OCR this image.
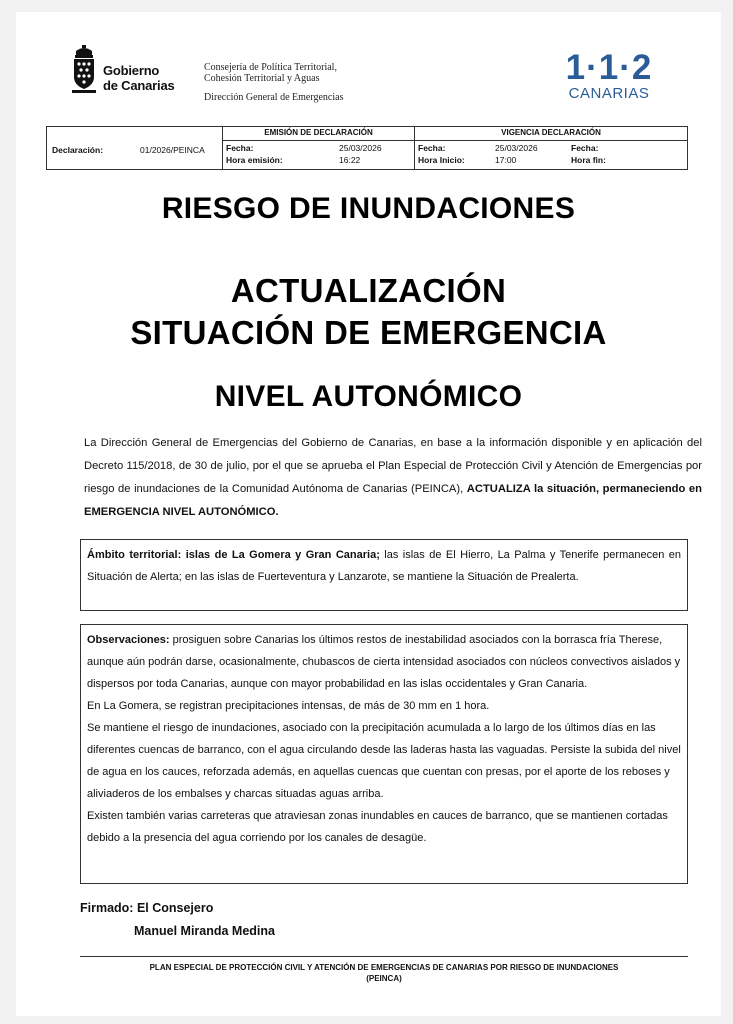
Gobierno
de Canarias
Consejería de Política Territorial,
Cohesión Territorial y Aguas
Dirección General de Emergencias
1·1·2
CANARIAS
Declaración:	01/2026/PEINCA
EMISIÓN DE DECLARACIÓN
Fecha:	25/03/2026
Hora emisión:	16:22
VIGENCIA DECLARACIÓN
Fecha:	25/03/2026
Hora Inicio:	17:00
Fecha:
Hora fin:
RIESGO DE INUNDACIONES
ACTUALIZACIÓN
SITUACIÓN DE EMERGENCIA
NIVEL AUTONÓMICO
La Dirección General de Emergencias del Gobierno de Canarias, en base a la información disponible y en aplicación del Decreto 115/2018, de 30 de julio, por el que se aprueba el Plan Especial de Protección Civil y Atención de Emergencias por riesgo de inundaciones de la Comunidad Autónoma de Canarias (PEINCA), ACTUALIZA la situación, permaneciendo en EMERGENCIA NIVEL AUTONÓMICO.
Ámbito territorial: islas de La Gomera y Gran Canaria; las islas de El Hierro, La Palma y Tenerife permanecen en Situación de Alerta; en las islas de Fuerteventura y Lanzarote, se mantiene la Situación de Prealerta.

Observaciones: prosiguen sobre Canarias los últimos restos de inestabilidad asociados con la borrasca fría Therese, aunque aún podrán darse, ocasionalmente, chubascos de cierta intensidad asociados con núcleos convectivos aislados y dispersos por toda Canarias, aunque con mayor probabilidad en las islas occidentales y Gran Canaria.

En La Gomera, se registran precipitaciones intensas, de más de 30 mm en 1 hora.

Se mantiene el riesgo de inundaciones, asociado con la precipitación acumulada a lo largo de los últimos días en las diferentes cuencas de barranco, con el agua circulando desde las laderas hasta las vaguadas. Persiste la subida del nivel de agua en los cauces, reforzada además, en aquellas cuencas que cuentan con presas, por el aporte de los reboses y aliviaderos de los embalses y charcas situadas aguas arriba.

Existen también varias carreteras que atraviesan zonas inundables en cauces de barranco, que se mantienen cortadas debido a la presencia del agua corriendo por los canales de desagüe.

Firmado: El Consejero
Manuel Miranda Medina
PLAN ESPECIAL DE PROTECCIÓN CIVIL Y ATENCIÓN DE EMERGENCIAS DE CANARIAS POR RIESGO DE INUNDACIONES
(PEINCA)
